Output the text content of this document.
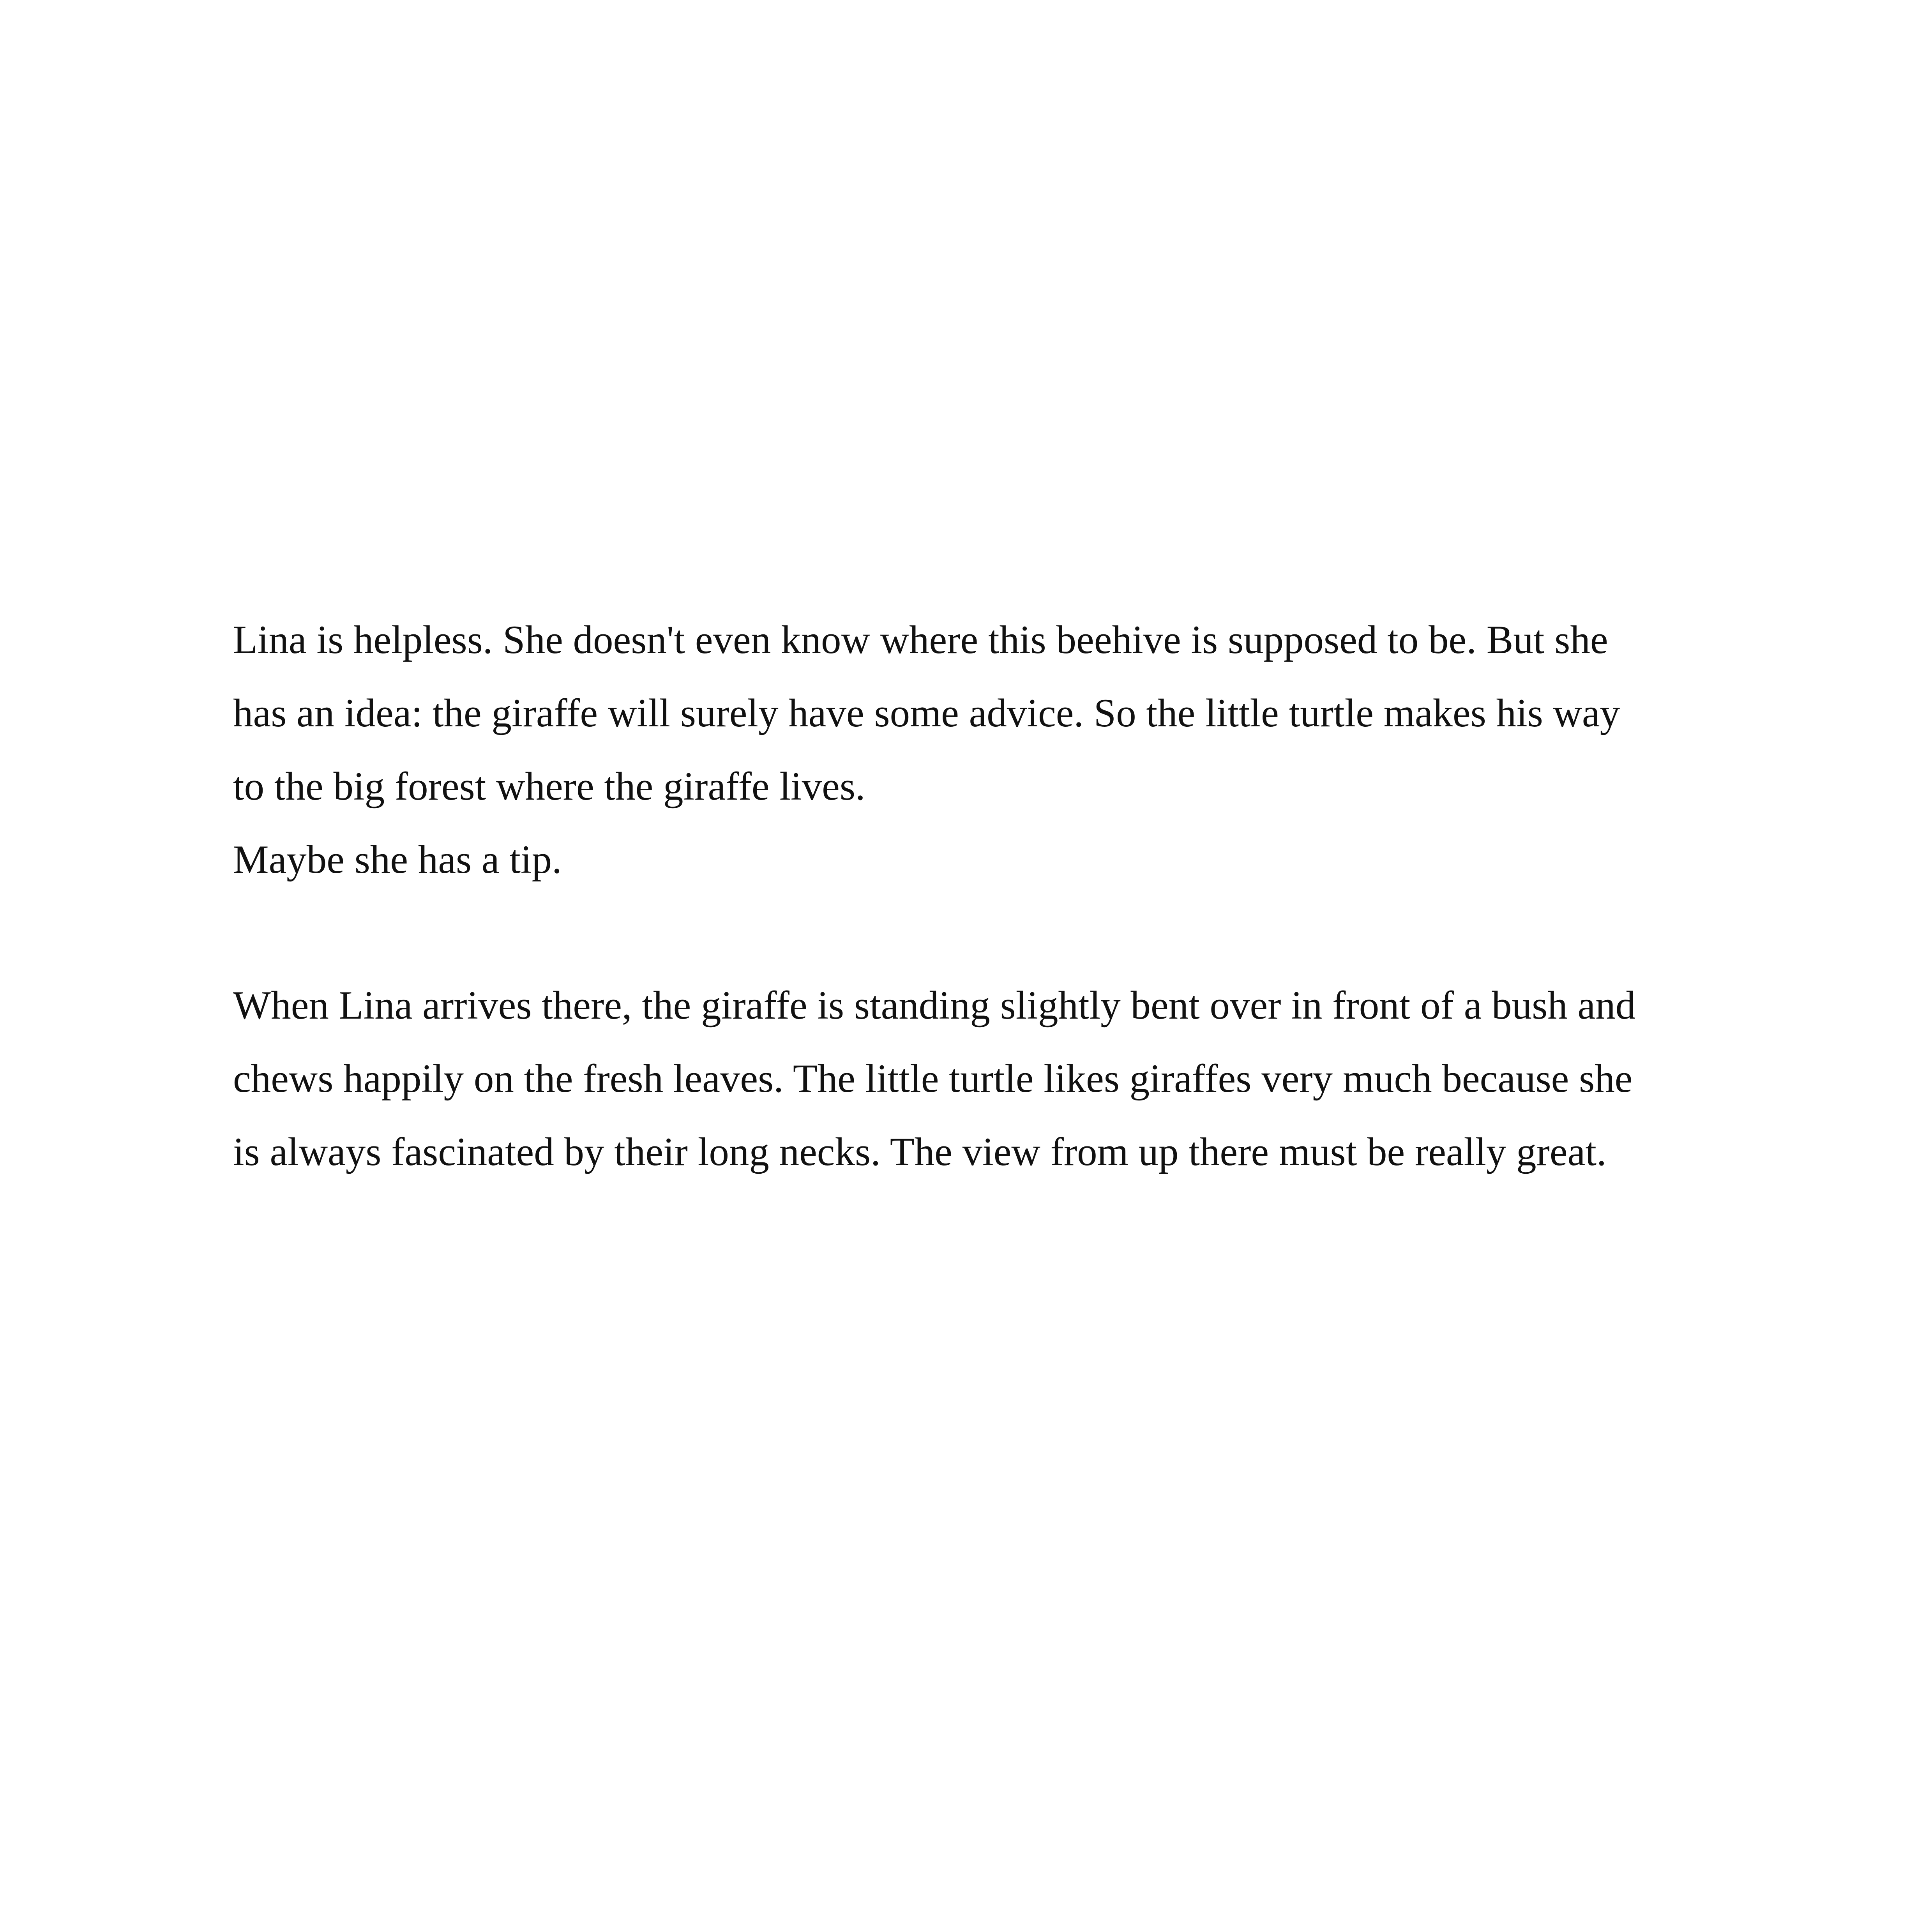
Lina is helpless. She doesn't even know where this beehive is supposed to be. But she
has an idea: the giraffe will surely have some advice. So the little turtle makes his way
to the big forest where the giraffe lives.
Maybe she has a tip.
When Lina arrives there, the giraffe is standing slightly bent over in front of a bush and
chews happily on the fresh leaves. The little turtle likes giraffes very much because she
is always fascinated by their long necks. The view from up there must be really great.
